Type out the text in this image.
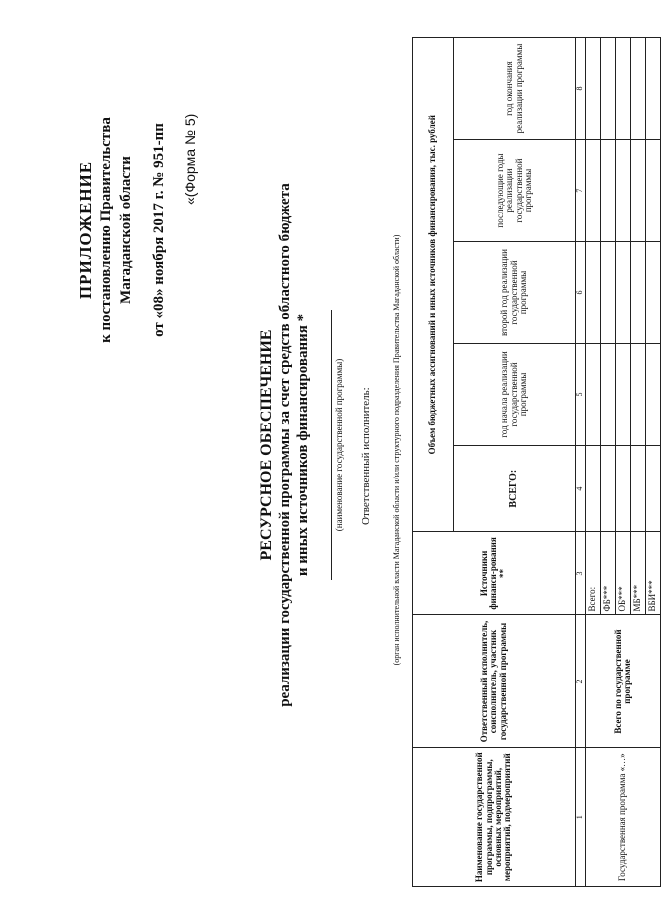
ПРИЛОЖЕНИЕ к постановлению Правительства Магаданской области от «08» ноября 2017 г. № 951-пп «(Форма № 5)
РЕСУРСНОЕ ОБЕСПЕЧЕНИЕ реализации государственной программы за счет средств областного бюджета и иных источников финансирования *	(наименование государственной программы) Ответственный исполнитель:	(орган исполнительной власти Магаданской области и/или структурного подразделения Правительства Магаданской области)
Наименование государственной программы, подпрограммы, основных мероприятий, мероприятий, подмероприятий	Ответственный исполнитель, соисполнитель, участник государственной программы	Источники финанси-рования **	Объем бюджетных ассигнований и иных источников финансирования, тыс. рублей				
			ВСЕГО:	год начала реализации государственной программы	второй год реализации государственной программы	последующие годы реализации государственной программы	год окончания реализации программы
1	2	3	4	5	6	7	8
Государственная программа «…»	Всего по государственной программе	Всего:					
		ФБ***					
		ОБ***					
		МБ***					
		ВБИ***					
